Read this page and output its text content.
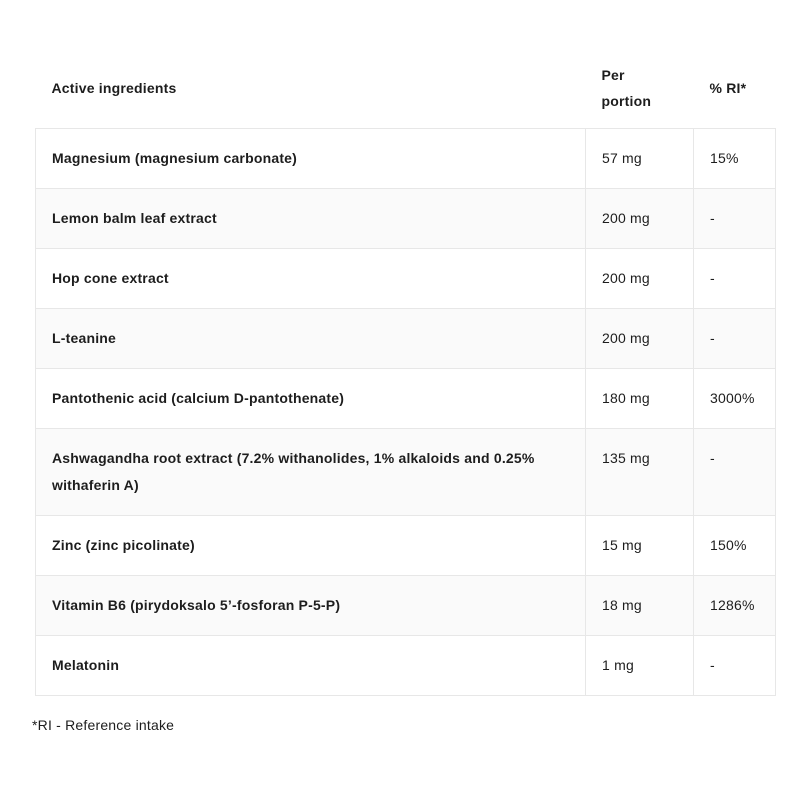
Active ingredients	Per portion	% RI*
Magnesium (magnesium carbonate)	57 mg	15%
Lemon balm leaf extract	200 mg	-
Hop cone extract	200 mg	-
L-teanine	200 mg	-
Pantothenic acid (calcium D-pantothenate)	180 mg	3000%
Ashwagandha root extract (7.2% withanolides, 1% alkaloids and 0.25% withaferin A)	135 mg	-
Zinc (zinc picolinate)	15 mg	150%
Vitamin B6 (pirydoksalo 5’-fosforan P-5-P)	18 mg	1286%
Melatonin	1 mg	-
*RI - Reference intake
